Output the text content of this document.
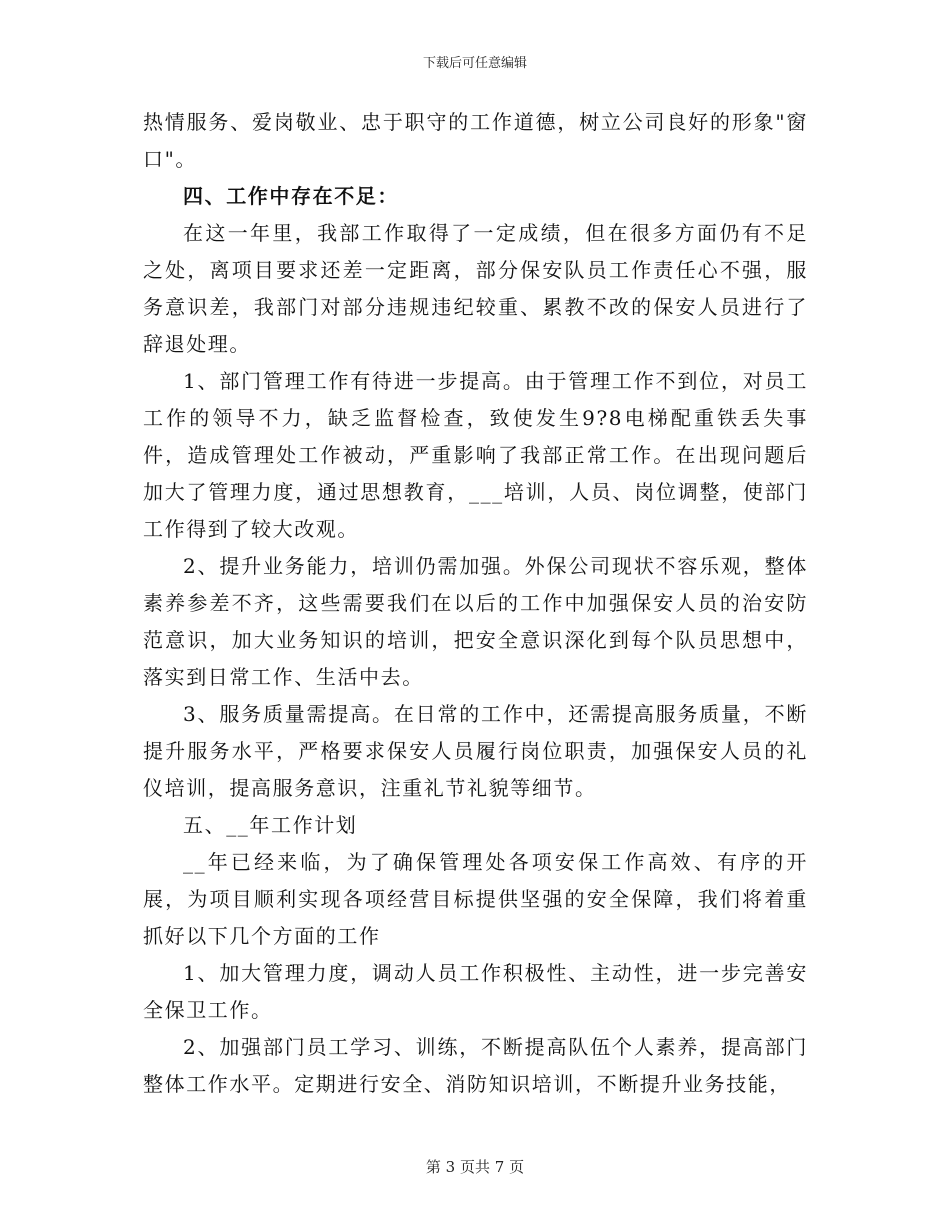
下载后可任意编辑

热情服务、爱岗敬业、忠于职守的工作道德，树立公司良好的形象"窗口"。

四、工作中存在不足：

在这一年里，我部工作取得了一定成绩，但在很多方面仍有不足之处，离项目要求还差一定距离，部分保安队员工作责任心不强，服务意识差，我部门对部分违规违纪较重、累教不改的保安人员进行了辞退处理。

1、部门管理工作有待进一步提高。由于管理工作不到位，对员工工作的领导不力，缺乏监督检查，致使发生9?8电梯配重铁丢失事件，造成管理处工作被动，严重影响了我部正常工作。在出现问题后加大了管理力度，通过思想教育，___培训，人员、岗位调整，使部门工作得到了较大改观。

2、提升业务能力，培训仍需加强。外保公司现状不容乐观，整体素养参差不齐，这些需要我们在以后的工作中加强保安人员的治安防范意识，加大业务知识的培训，把安全意识深化到每个队员思想中，落实到日常工作、生活中去。

3、服务质量需提高。在日常的工作中，还需提高服务质量，不断提升服务水平，严格要求保安人员履行岗位职责，加强保安人员的礼仪培训，提高服务意识，注重礼节礼貌等细节。

五、__年工作计划

__年已经来临，为了确保管理处各项安保工作高效、有序的开展，为项目顺利实现各项经营目标提供坚强的安全保障，我们将着重抓好以下几个方面的工作

1、加大管理力度，调动人员工作积极性、主动性，进一步完善安全保卫工作。

2、加强部门员工学习、训练，不断提高队伍个人素养，提高部门整体工作水平。定期进行安全、消防知识培训，不断提升业务技能，

第 3 页共 7 页
